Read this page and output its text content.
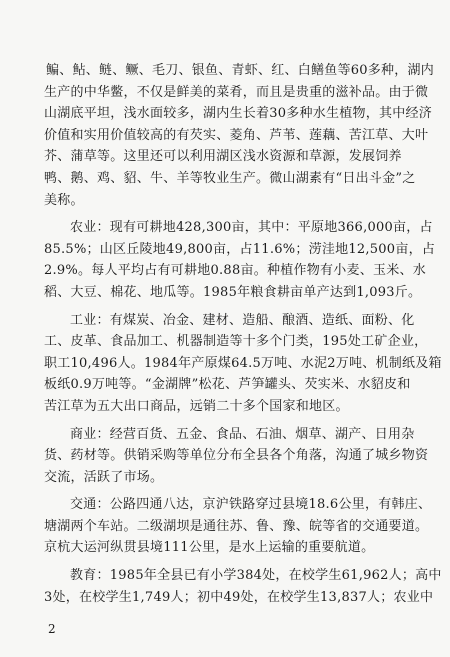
鳊、鲇、鲢、鳜、毛刀、银鱼、青虾、红、白鳝鱼等60多种，湖内
生产的中华鳖，不仅是鲜美的菜肴，而且是贵重的滋补品。由于微
山湖底平坦，浅水面较多，湖内生长着30多种水生植物，其中经济
价值和实用价值较高的有芡实、菱角、芦苇、莲藕、苦江草、大叶
芥、蒲草等。这里还可以利用湖区浅水资源和草源，发展饲养
鸭、鹅、鸡、貂、牛、羊等牧业生产。微山湖素有“日出斗金”之
美称。
农业：现有可耕地428,300亩，其中：平原地366,000亩，占
85.5%；山区丘陵地49,800亩，占11.6%；涝洼地12,500亩，占
2.9%。每人平均占有可耕地0.88亩。种植作物有小麦、玉米、水
稻、大豆、棉花、地瓜等。1985年粮食耕亩单产达到1,093斤。
工业：有煤炭、冶金、建材、造船、酿酒、造纸、面粉、化
工、皮革、食品加工、机器制造等十多个门类，195处工矿企业，
职工10,496人。1984年产原煤64.5万吨、水泥2万吨、机制纸及箱
板纸0.9万吨等。“金湖牌”松花、芦笋罐头、芡实米、水貂皮和
苦江草为五大出口商品，远销二十多个国家和地区。
商业：经营百货、五金、食品、石油、烟草、湖产、日用杂
货、药材等。供销采购等单位分布全县各个角落，沟通了城乡物资
交流，活跃了市场。
交通：公路四通八达，京沪铁路穿过县境18.6公里，有韩庄、
塘湖两个车站。二级湖坝是通往苏、鲁、豫、皖等省的交通要道。
京杭大运河纵贯县境111公里，是水上运输的重要航道。
教育：1985年全县已有小学384处，在校学生61,962人；高中
3处，在校学生1,749人；初中49处，在校学生13,837人；农业中
2
